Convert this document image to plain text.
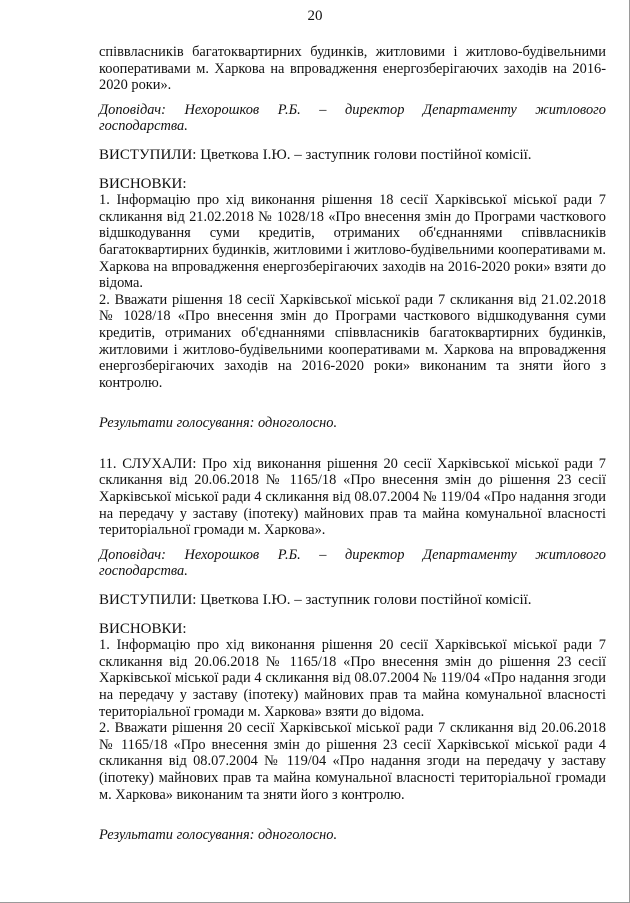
20

співвласників багатоквартирних будинків, житловими і житлово-будівельними кооперативами м. Харкова на впровадження енергозберігаючих заходів на 2016-2020 роки».

Доповідач: Нехорошков Р.Б. – директор Департаменту житлового господарства.

ВИСТУПИЛИ: Цветкова І.Ю. – заступник голови постійної комісії.

ВИСНОВКИ:

1. Інформацію про хід виконання рішення 18 сесії Харківської міської ради 7 скликання від 21.02.2018 № 1028/18 «Про внесення змін до Програми часткового відшкодування суми кредитів, отриманих об'єднаннями співвласників багатоквартирних будинків, житловими і житлово-будівельними кооперативами м. Харкова на впровадження енергозберігаючих заходів на 2016-2020 роки» взяти до відома.

2. Вважати рішення 18 сесії Харківської міської ради 7 скликання від 21.02.2018 № 1028/18 «Про внесення змін до Програми часткового відшкодування суми кредитів, отриманих об'єднаннями співвласників багатоквартирних будинків, житловими і житлово-будівельними кооперативами м. Харкова на впровадження енергозберігаючих заходів на 2016-2020 роки» виконаним та зняти його з контролю.

Результати голосування: одноголосно.

11. СЛУХАЛИ: Про хід виконання рішення 20 сесії Харківської міської ради 7 скликання від 20.06.2018 № 1165/18 «Про внесення змін до рішення 23 сесії Харківської міської ради 4 скликання від 08.07.2004 № 119/04 «Про надання згоди на передачу у заставу (іпотеку) майнових прав та майна комунальної власності територіальної громади м. Харкова».

Доповідач: Нехорошков Р.Б. – директор Департаменту житлового господарства.

ВИСТУПИЛИ: Цветкова І.Ю. – заступник голови постійної комісії.

ВИСНОВКИ:

1. Інформацію про хід виконання рішення 20 сесії Харківської міської ради 7 скликання від 20.06.2018 № 1165/18 «Про внесення змін до рішення 23 сесії Харківської міської ради 4 скликання від 08.07.2004 № 119/04 «Про надання згоди на передачу у заставу (іпотеку) майнових прав та майна комунальної власності територіальної громади м. Харкова» взяти до відома.

2. Вважати рішення 20 сесії Харківської міської ради 7 скликання від 20.06.2018 № 1165/18 «Про внесення змін до рішення 23 сесії Харківської міської ради 4 скликання від 08.07.2004 № 119/04 «Про надання згоди на передачу у заставу (іпотеку) майнових прав та майна комунальної власності територіальної громади м. Харкова» виконаним та зняти його з контролю.

Результати голосування: одноголосно.
